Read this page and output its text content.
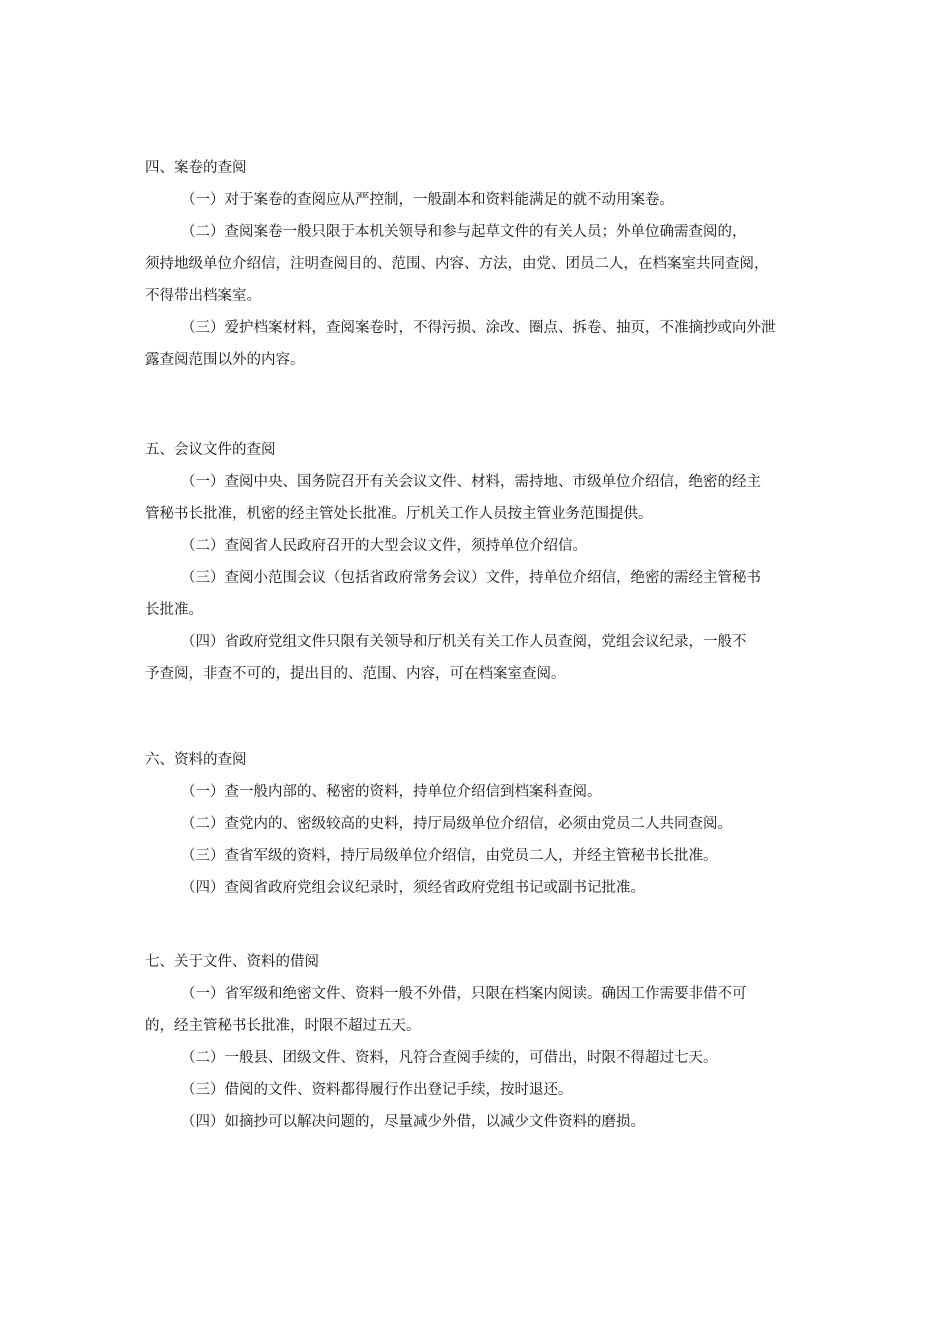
四、案卷的查阅
（一）对于案卷的查阅应从严控制，一般副本和资料能满足的就不动用案卷。
（二）查阅案卷一般只限于本机关领导和参与起草文件的有关人员；外单位确需查阅的，
须持地级单位介绍信，注明查阅目的、范围、内容、方法，由党、团员二人，在档案室共同查阅，
不得带出档案室。
（三）爱护档案材料，查阅案卷时，不得污损、涂改、圈点、拆卷、抽页，不准摘抄或向外泄
露查阅范围以外的内容。
五、会议文件的查阅
（一）查阅中央、国务院召开有关会议文件、材料，需持地、市级单位介绍信，绝密的经主
管秘书长批准，机密的经主管处长批准。厅机关工作人员按主管业务范围提供。
（二）查阅省人民政府召开的大型会议文件，须持单位介绍信。
（三）查阅小范围会议（包括省政府常务会议）文件，持单位介绍信，绝密的需经主管秘书
长批准。
（四）省政府党组文件只限有关领导和厅机关有关工作人员查阅，党组会议纪录，一般不
予查阅，非查不可的，提出目的、范围、内容，可在档案室查阅。
六、资料的查阅
（一）查一般内部的、秘密的资料，持单位介绍信到档案科查阅。
（二）查党内的、密级较高的史料，持厅局级单位介绍信，必须由党员二人共同查阅。
（三）查省军级的资料，持厅局级单位介绍信，由党员二人，并经主管秘书长批准。
（四）查阅省政府党组会议纪录时，须经省政府党组书记或副书记批准。
七、关于文件、资料的借阅
（一）省军级和绝密文件、资料一般不外借，只限在档案内阅读。确因工作需要非借不可
的，经主管秘书长批准，时限不超过五天。
（二）一般县、团级文件、资料，凡符合查阅手续的，可借出，时限不得超过七天。
（三）借阅的文件、资料都得履行作出登记手续，按时退还。
（四）如摘抄可以解决问题的，尽量减少外借，以减少文件资料的磨损。
